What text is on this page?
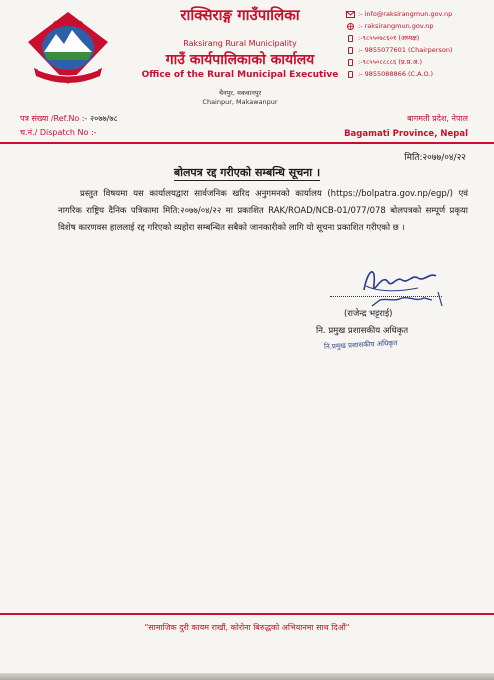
राक्सिराङ्ग गाउँपालिका
Raksirang Rural Municipality
गाउँ कार्यपालिकाको कार्यालय
Office of the Rural Municipal Executive
चैनपुर, मकवानपुर
Chainpur, Makawanpur
:- info@raksirangmun.gov.np
:- raksirangmun.gov.np
:-९८५५०७८६०१ (अध्यक्ष)
:- 9855077601 (Chairperson)
:-९८५५०८८८८६ (प्र.प्र.अ.)
:- 9855088866 (C.A.O.)
पत्र संख्या /Ref.No :- २०७७/७८
च.नं./ Dispatch No :-
बागमती प्रदेश, नेपाल
Bagamati Province, Nepal
मिति:२०७७/०४/२२
बोलपत्र रद्द गरीएको सम्बन्धि सूचना ।

प्रस्तुत विषयमा यस कार्यालयद्वारा सार्वजनिक खरिद अनुगमनको कार्यालय (https://bolpatra.gov.np/egp/) एवं नागरिक राष्ट्रिय दैनिक पत्रिकामा मिति:२०७७/०४/२२ मा प्रकाशित RAK/ROAD/NCB-01/077/078 बोलपत्रको सम्पूर्ण प्रकृया विशेष कारणवस हाललाई रद्द गरिएको व्यहोरा सम्बन्धित सबैको जानकारीको लागि यो सूचना प्रकाशित गरीएको छ ।

(राजेन्द्र भट्टराई)
नि. प्रमुख प्रशासकीय अधिकृत
नि.प्रमुख प्रशासकीय अधिकृत
"सामाजिक दुरी कायम राखौं, कोरोना बिरुद्धको अभियानमा साथ दिऔं"
